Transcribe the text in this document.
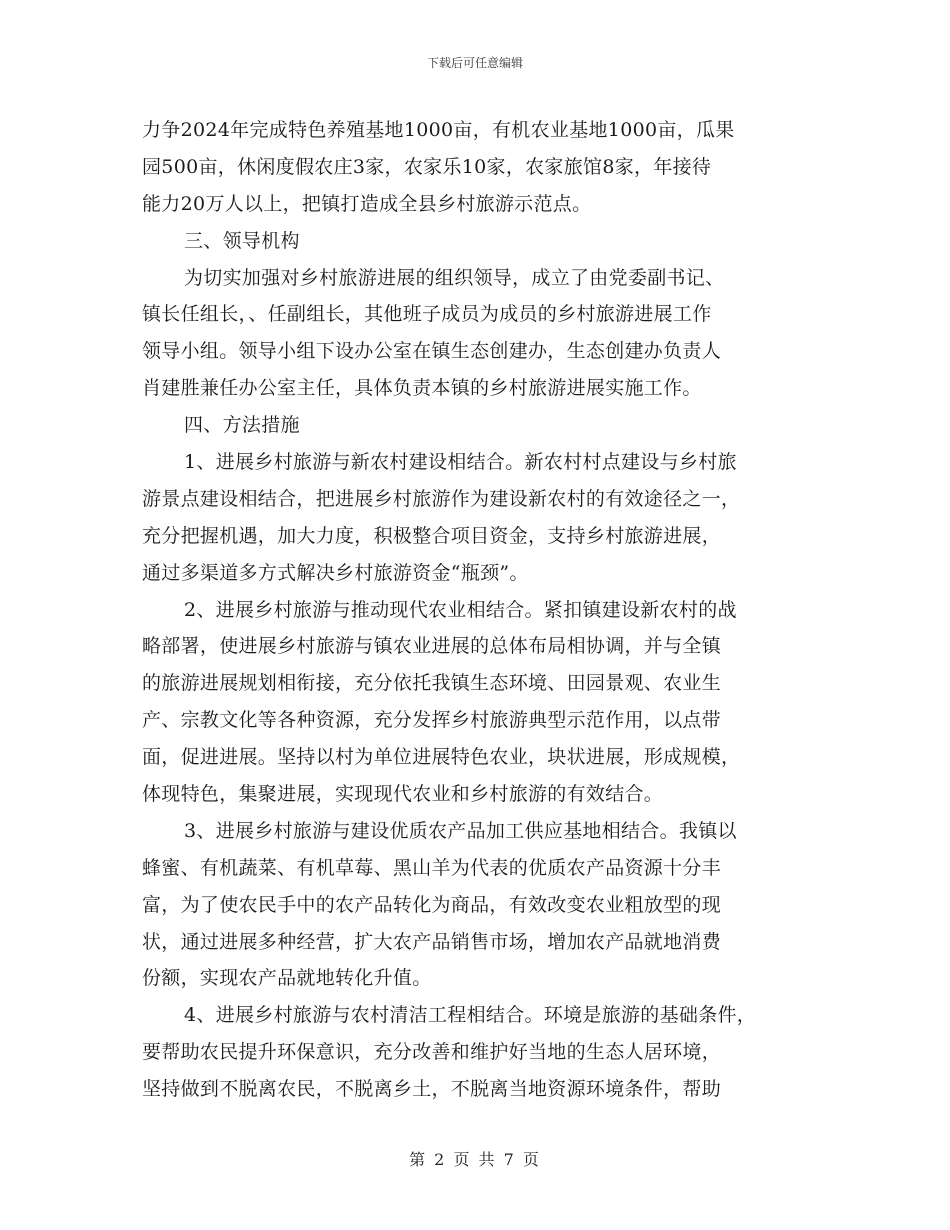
下载后可任意编辑
力争2024年完成特色养殖基地1000亩，有机农业基地1000亩，瓜果
园500亩，休闲度假农庄3家，农家乐10家，农家旅馆8家，年接待
能力20万人以上，把镇打造成全县乡村旅游示范点。
三、领导机构
为切实加强对乡村旅游进展的组织领导，成立了由党委副书记、
镇长任组长，、任副组长，其他班子成员为成员的乡村旅游进展工作
领导小组。领导小组下设办公室在镇生态创建办，生态创建办负责人
肖建胜兼任办公室主任，具体负责本镇的乡村旅游进展实施工作。
四、方法措施
1、进展乡村旅游与新农村建设相结合。新农村村点建设与乡村旅
游景点建设相结合，把进展乡村旅游作为建设新农村的有效途径之一，
充分把握机遇，加大力度，积极整合项目资金，支持乡村旅游进展，
通过多渠道多方式解决乡村旅游资金“瓶颈”。
2、进展乡村旅游与推动现代农业相结合。紧扣镇建设新农村的战
略部署，使进展乡村旅游与镇农业进展的总体布局相协调，并与全镇
的旅游进展规划相衔接，充分依托我镇生态环境、田园景观、农业生
产、宗教文化等各种资源，充分发挥乡村旅游典型示范作用，以点带
面，促进进展。坚持以村为单位进展特色农业，块状进展，形成规模，
体现特色，集聚进展，实现现代农业和乡村旅游的有效结合。
3、进展乡村旅游与建设优质农产品加工供应基地相结合。我镇以
蜂蜜、有机蔬菜、有机草莓、黑山羊为代表的优质农产品资源十分丰
富，为了使农民手中的农产品转化为商品，有效改变农业粗放型的现
状，通过进展多种经营，扩大农产品销售市场，增加农产品就地消费
份额，实现农产品就地转化升值。
4、进展乡村旅游与农村清洁工程相结合。环境是旅游的基础条件，
要帮助农民提升环保意识，充分改善和维护好当地的生态人居环境，
坚持做到不脱离农民，不脱离乡土，不脱离当地资源环境条件，帮助
第 2 页 共 7 页
